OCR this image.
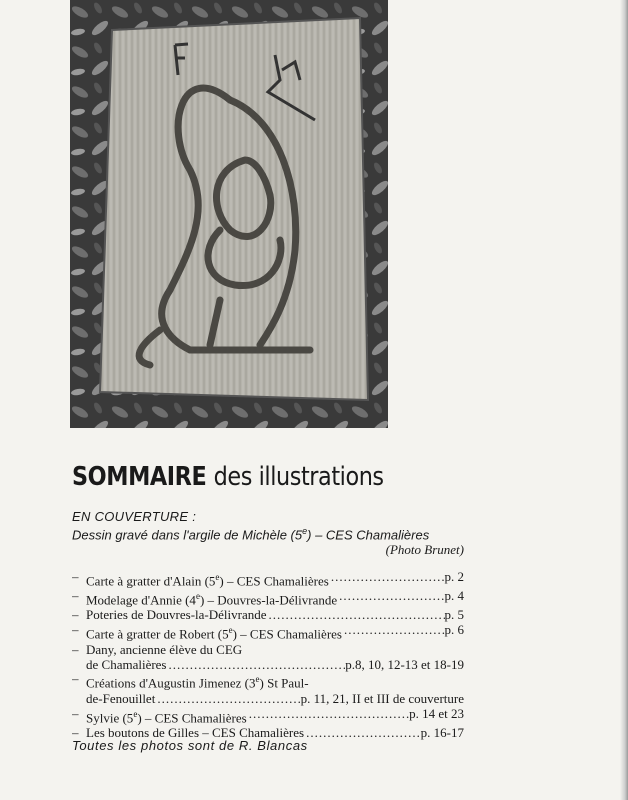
SOMMAIRE des illustrations
EN COUVERTURE :
Dessin gravé dans l'argile de Michèle (5e) – CES Chamalières
(Photo Brunet)
– Carte à gratter d'Alain (5e) – CES Chamalières .....	p. 2
– Modelage d'Annie (4e) – Douvres-la-Délivrande .....	p. 4
– Poteries de Douvres-la-Délivrande .....	p. 5
– Carte à gratter de Robert (5e) – CES Chamalières .....	p. 6
– Dany, ancienne élève du CEG
de Chamalières .....	p.8, 10, 12-13 et 18-19
– Créations d'Augustin Jimenez (3e) St Paul-
de-Fenouillet .....	p. 11, 21, II et III de couverture
– Sylvie (5e) – CES Chamalières .....	p. 14 et 23
– Les boutons de Gilles – CES Chamalières .....	p. 16-17

Toutes les photos sont de R. Blancas
